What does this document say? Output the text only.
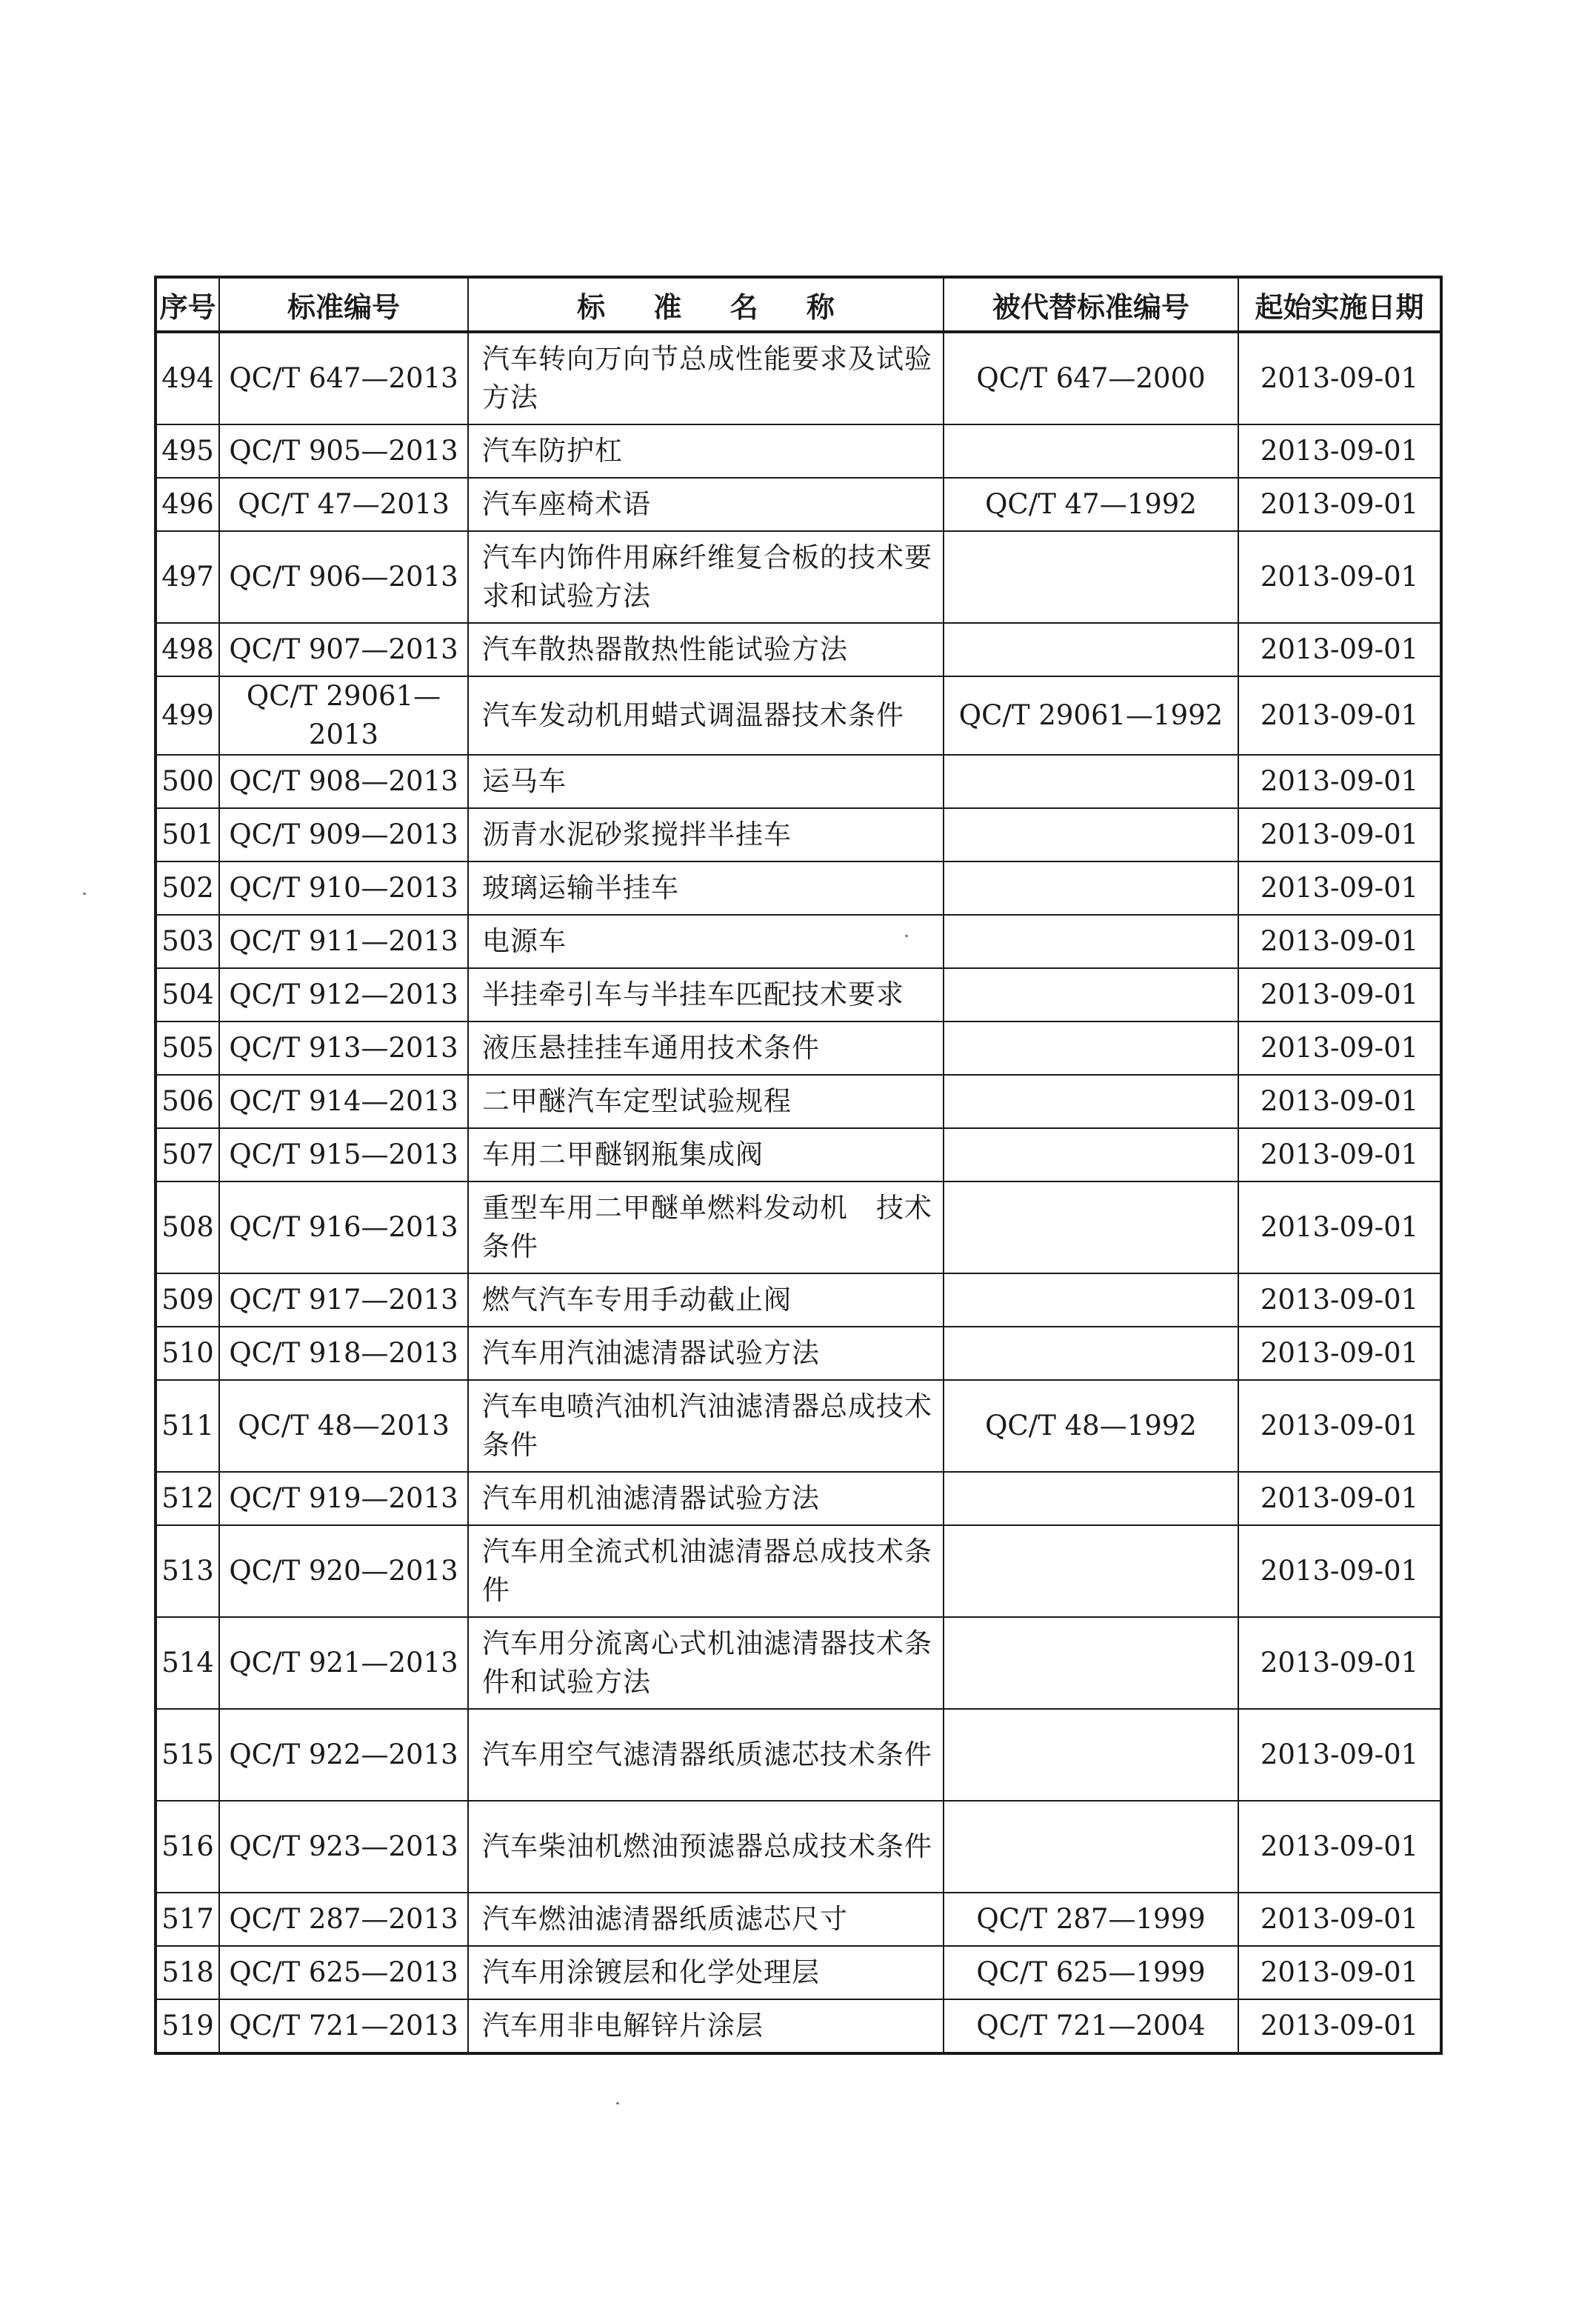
序号	标准编号	标 准 名 称	被代替标准编号	起始实施日期
494	QC/T 647—2013	汽车转向万向节总成性能要求及试验方法	QC/T 647—2000	2013-09-01
495	QC/T 905—2013	汽车防护杠		2013-09-01
496	QC/T 47—2013	汽车座椅术语	QC/T 47—1992	2013-09-01
497	QC/T 906—2013	汽车内饰件用麻纤维复合板的技术要求和试验方法		2013-09-01
498	QC/T 907—2013	汽车散热器散热性能试验方法		2013-09-01
499	QC/T 29061—2013	汽车发动机用蜡式调温器技术条件	QC/T 29061—1992	2013-09-01
500	QC/T 908—2013	运马车		2013-09-01
501	QC/T 909—2013	沥青水泥砂浆搅拌半挂车		2013-09-01
502	QC/T 910—2013	玻璃运输半挂车		2013-09-01
503	QC/T 911—2013	电源车		2013-09-01
504	QC/T 912—2013	半挂牵引车与半挂车匹配技术要求		2013-09-01
505	QC/T 913—2013	液压悬挂挂车通用技术条件		2013-09-01
506	QC/T 914—2013	二甲醚汽车定型试验规程		2013-09-01
507	QC/T 915—2013	车用二甲醚钢瓶集成阀		2013-09-01
508	QC/T 916—2013	重型车用二甲醚单燃料发动机　技术条件		2013-09-01
509	QC/T 917—2013	燃气汽车专用手动截止阀		2013-09-01
510	QC/T 918—2013	汽车用汽油滤清器试验方法		2013-09-01
511	QC/T 48—2013	汽车电喷汽油机汽油滤清器总成技术条件	QC/T 48—1992	2013-09-01
512	QC/T 919—2013	汽车用机油滤清器试验方法		2013-09-01
513	QC/T 920—2013	汽车用全流式机油滤清器总成技术条件		2013-09-01
514	QC/T 921—2013	汽车用分流离心式机油滤清器技术条件和试验方法		2013-09-01
515	QC/T 922—2013	汽车用空气滤清器纸质滤芯技术条件		2013-09-01
516	QC/T 923—2013	汽车柴油机燃油预滤器总成技术条件		2013-09-01
517	QC/T 287—2013	汽车燃油滤清器纸质滤芯尺寸	QC/T 287—1999	2013-09-01
518	QC/T 625—2013	汽车用涂镀层和化学处理层	QC/T 625—1999	2013-09-01
519	QC/T 721—2013	汽车用非电解锌片涂层	QC/T 721—2004	2013-09-01
